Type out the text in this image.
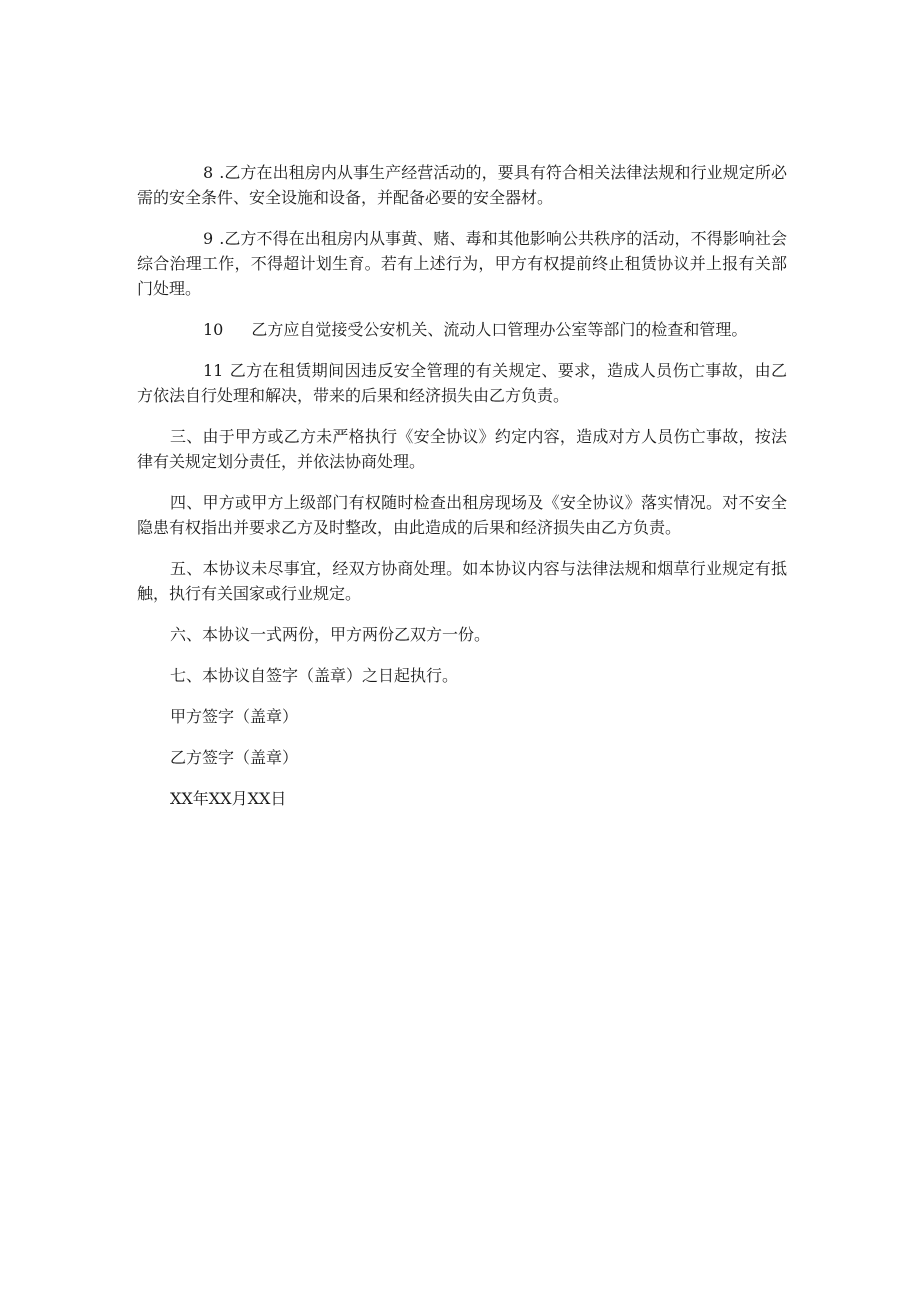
8 .乙方在出租房内从事生产经营活动的，要具有符合相关法律法规和行业规定所必需的安全条件、安全设施和设备，并配备必要的安全器材。

9 .乙方不得在出租房内从事黄、赌、毒和其他影响公共秩序的活动，不得影响社会综合治理工作，不得超计划生育。若有上述行为，甲方有权提前终止租赁协议并上报有关部门处理。

10 乙方应自觉接受公安机关、流动人口管理办公室等部门的检查和管理。

11 乙方在租赁期间因违反安全管理的有关规定、要求，造成人员伤亡事故，由乙方依法自行处理和解决，带来的后果和经济损失由乙方负责。

三、由于甲方或乙方未严格执行《安全协议》约定内容，造成对方人员伤亡事故，按法律有关规定划分责任，并依法协商处理。

四、甲方或甲方上级部门有权随时检查出租房现场及《安全协议》落实情况。对不安全隐患有权指出并要求乙方及时整改，由此造成的后果和经济损失由乙方负责。

五、本协议未尽事宜，经双方协商处理。如本协议内容与法律法规和烟草行业规定有抵触，执行有关国家或行业规定。

六、本协议一式两份，甲方两份乙双方一份。

七、本协议自签字（盖章）之日起执行。

甲方签字（盖章）

乙方签字（盖章）

XX年XX月XX日
